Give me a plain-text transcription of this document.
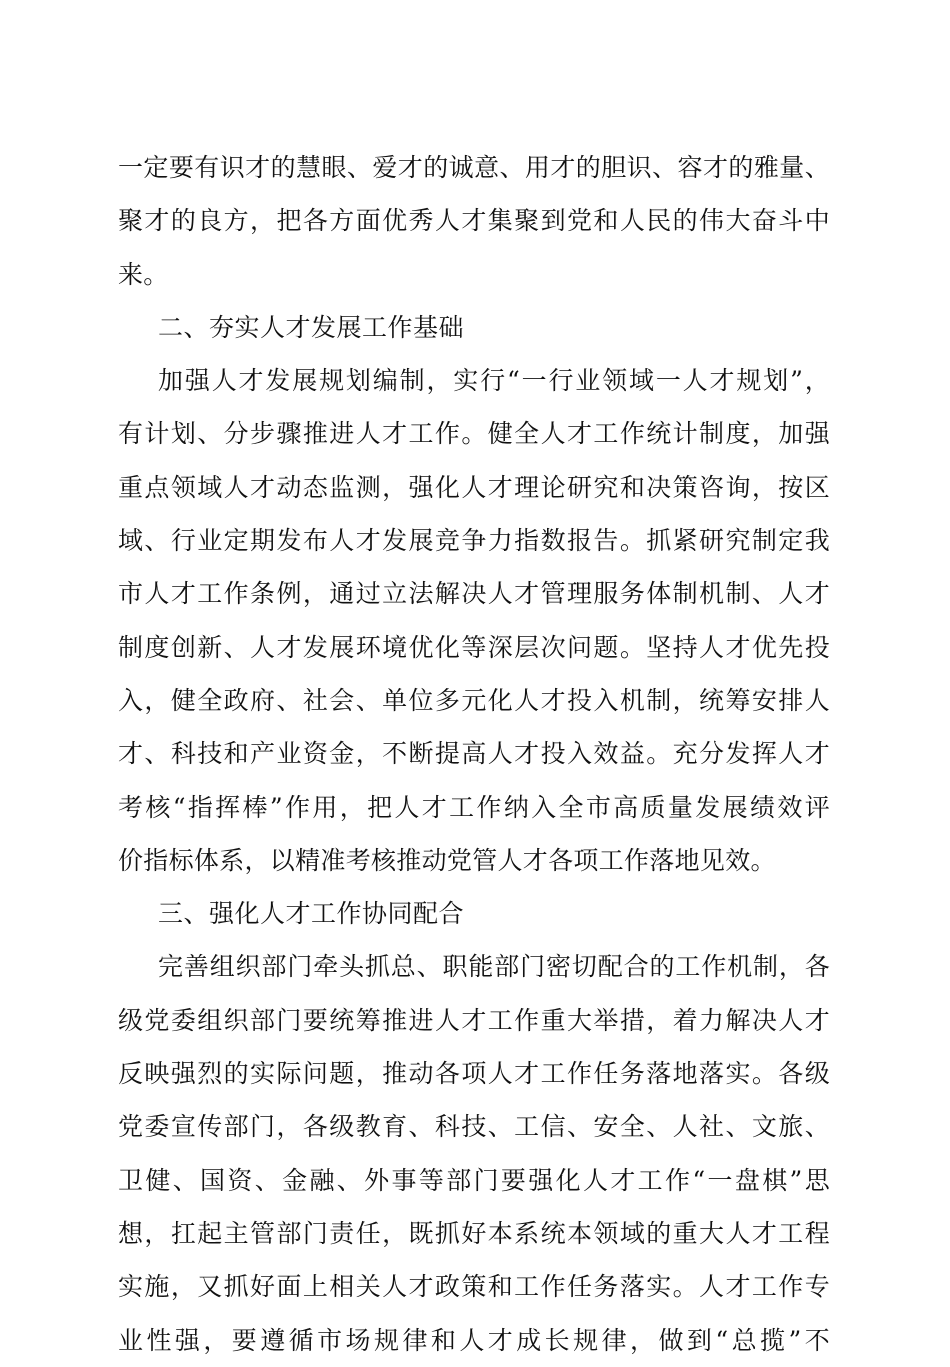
一定要有识才的慧眼、爱才的诚意、用才的胆识、容才的雅量、
聚才的良方，把各方面优秀人才集聚到党和人民的伟大奋斗中
来。
二、夯实人才发展工作基础
加强人才发展规划编制，实行“一行业领域一人才规划”，
有计划、分步骤推进人才工作。健全人才工作统计制度，加强
重点领域人才动态监测，强化人才理论研究和决策咨询，按区
域、行业定期发布人才发展竞争力指数报告。抓紧研究制定我
市人才工作条例，通过立法解决人才管理服务体制机制、人才
制度创新、人才发展环境优化等深层次问题。坚持人才优先投
入，健全政府、社会、单位多元化人才投入机制，统筹安排人
才、科技和产业资金，不断提高人才投入效益。充分发挥人才
考核“指挥棒”作用，把人才工作纳入全市高质量发展绩效评
价指标体系，以精准考核推动党管人才各项工作落地见效。
三、强化人才工作协同配合
完善组织部门牵头抓总、职能部门密切配合的工作机制，各
级党委组织部门要统筹推进人才工作重大举措，着力解决人才
反映强烈的实际问题，推动各项人才工作任务落地落实。各级
党委宣传部门，各级教育、科技、工信、安全、人社、文旅、
卫健、国资、金融、外事等部门要强化人才工作“一盘棋”思
想，扛起主管部门责任，既抓好本系统本领域的重大人才工程
实施，又抓好面上相关人才政策和工作任务落实。人才工作专
业性强，要遵循市场规律和人才成长规律，做到“总揽”不
